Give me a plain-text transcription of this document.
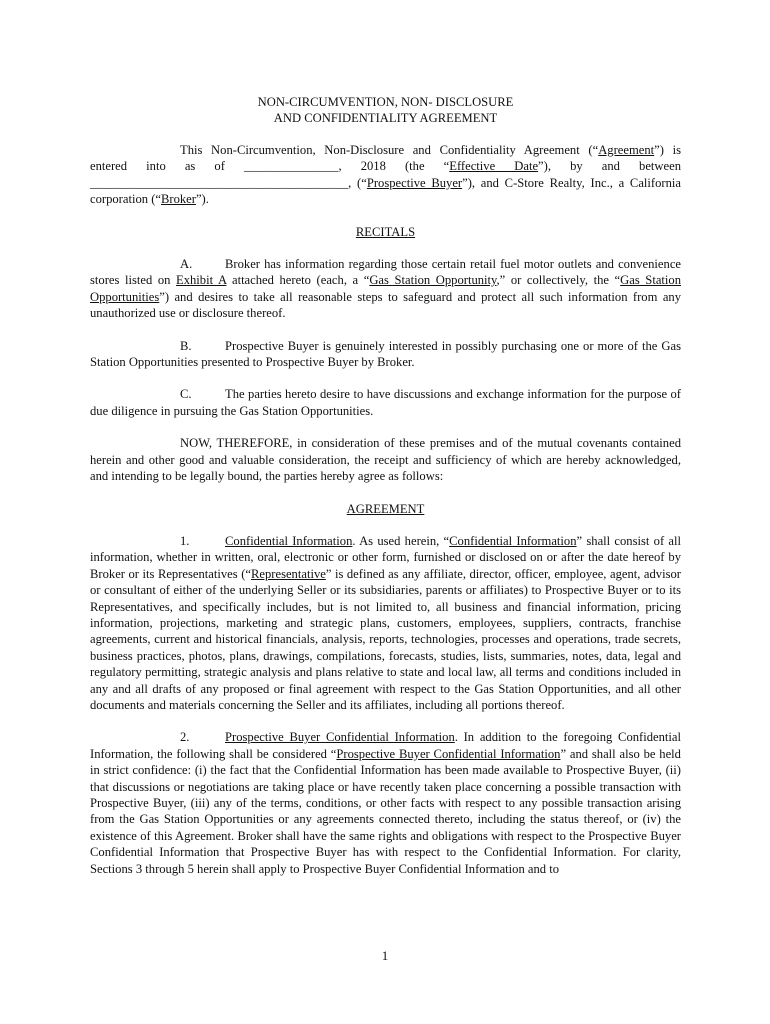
NON-CIRCUMVENTION, NON- DISCLOSURE

AND CONFIDENTIALITY AGREEMENT

This Non-Circumvention, Non-Disclosure and Confidentiality Agreement (“Agreement”) is entered into as of _______________, 2018 (the “Effective Date”), by and between _________________________________________, (“Prospective Buyer”), and C-Store Realty, Inc., a California corporation (“Broker”).

RECITALS

A.	Broker has information regarding those certain retail fuel motor outlets and convenience stores listed on Exhibit A attached hereto (each, a “Gas Station Opportunity,” or collectively, the “Gas Station Opportunities”) and desires to take all reasonable steps to safeguard and protect all such information from any unauthorized use or disclosure thereof.

B.	Prospective Buyer is genuinely interested in possibly purchasing one or more of the Gas Station Opportunities presented to Prospective Buyer by Broker.

C.	The parties hereto desire to have discussions and exchange information for the purpose of due diligence in pursuing the Gas Station Opportunities.

NOW, THEREFORE, in consideration of these premises and of the mutual covenants contained herein and other good and valuable consideration, the receipt and sufficiency of which are hereby acknowledged, and intending to be legally bound, the parties hereby agree as follows:

AGREEMENT

1.	Confidential Information. As used herein, “Confidential Information” shall consist of all information, whether in written, oral, electronic or other form, furnished or disclosed on or after the date hereof by Broker or its Representatives (“Representative” is defined as any affiliate, director, officer, employee, agent, advisor or consultant of either of the underlying Seller or its subsidiaries, parents or affiliates) to Prospective Buyer or to its Representatives, and specifically includes, but is not limited to, all business and financial information, pricing information, projections, marketing and strategic plans, customers, employees, suppliers, contracts, franchise agreements, current and historical financials, analysis, reports, technologies, processes and operations, trade secrets, business practices, photos, plans, drawings, compilations, forecasts, studies, lists, summaries, notes, data, legal and regulatory permitting, strategic analysis and plans relative to state and local law, all terms and conditions included in any and all drafts of any proposed or final agreement with respect to the Gas Station Opportunities, and all other documents and materials concerning the Seller and its affiliates, including all portions thereof.

2.	Prospective Buyer Confidential Information. In addition to the foregoing Confidential Information, the following shall be considered “Prospective Buyer Confidential Information” and shall also be held in strict confidence: (i) the fact that the Confidential Information has been made available to Prospective Buyer, (ii) that discussions or negotiations are taking place or have recently taken place concerning a possible transaction with Prospective Buyer, (iii) any of the terms, conditions, or other facts with respect to any possible transaction arising from the Gas Station Opportunities or any agreements connected thereto, including the status thereof, or (iv) the existence of this Agreement. Broker shall have the same rights and obligations with respect to the Prospective Buyer Confidential Information that Prospective Buyer has with respect to the Confidential Information. For clarity, Sections 3 through 5 herein shall apply to Prospective Buyer Confidential Information and to

1
